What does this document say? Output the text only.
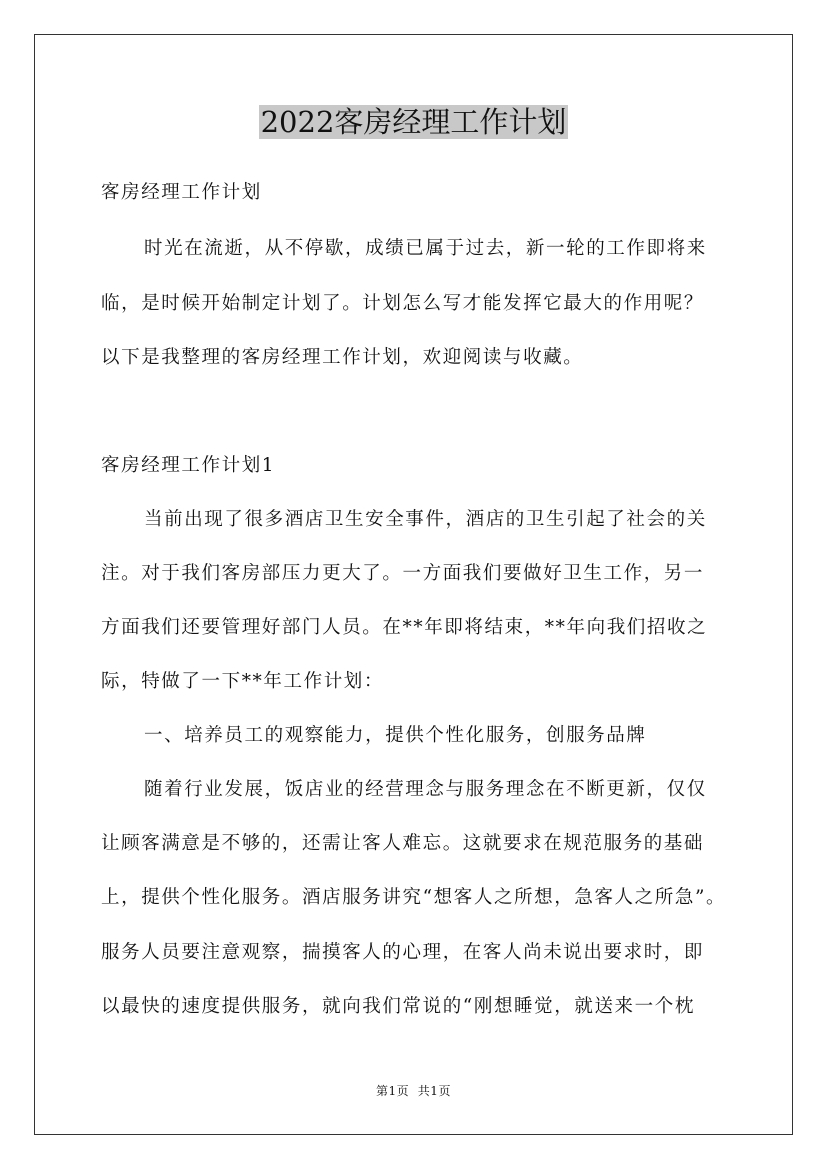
2022客房经理工作计划
客房经理工作计划
时光在流逝，从不停歇，成绩已属于过去，新一轮的工作即将来
临，是时候开始制定计划了。计划怎么写才能发挥它最大的作用呢？
以下是我整理的客房经理工作计划，欢迎阅读与收藏。
客房经理工作计划1
当前出现了很多酒店卫生安全事件，酒店的卫生引起了社会的关
注。对于我们客房部压力更大了。一方面我们要做好卫生工作，另一
方面我们还要管理好部门人员。在**年即将结束，**年向我们招收之
际，特做了一下**年工作计划：
一、培养员工的观察能力，提供个性化服务，创服务品牌
随着行业发展，饭店业的经营理念与服务理念在不断更新，仅仅
让顾客满意是不够的，还需让客人难忘。这就要求在规范服务的基础
上，提供个性化服务。酒店服务讲究“想客人之所想，急客人之所急”。
服务人员要注意观察，揣摸客人的心理，在客人尚未说出要求时，即
以最快的速度提供服务，就向我们常说的“刚想睡觉，就送来一个枕
第1页  共1页
